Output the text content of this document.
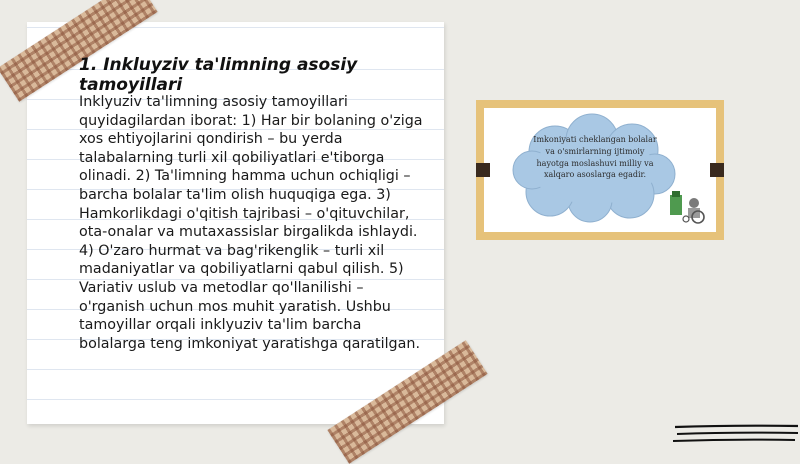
1. Inkluyziv ta'limning asosiy tamoyillari
Inklyuziv ta'limning asosiy tamoyillari quyidagilardan iborat: 1) Har bir bolaning o'ziga xos ehtiyojlarini qondirish – bu yerda talabalarning turli xil qobiliyatlari e'tiborga olinadi. 2) Ta'limning hamma uchun ochiqligi – barcha bolalar ta'lim olish huquqiga ega. 3) Hamkorlikdagi o'qitish tajribasi – o'qituvchilar, ota-onalar va mutaxassislar birgalikda ishlaydi. 4) O'zaro hurmat va bag'rikenglik – turli xil madaniyatlar va qobiliyatlarni qabul qilish. 5) Variativ uslub va metodlar qo'llanilishi – o'rganish uchun mos muhit yaratish. Ushbu tamoyillar orqali inklyuziv ta'lim barcha bolalarga teng imkoniyat yaratishga qaratilgan.
Imkoniyati cheklangan bolalar va o'smirlarning ijtimoiy hayotga moslashuvi milliy va xalqaro asoslarga egadir.
